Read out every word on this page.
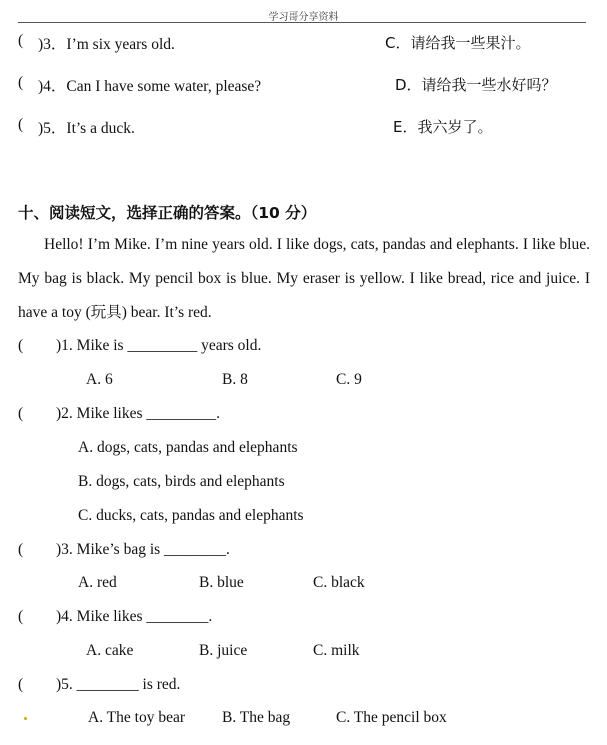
学习哥分享资料
( )3．I’m six years old.	C．请给我一些果汁。
( )4．Can I have some water, please?	D．请给我一些水好吗？
( )5．It’s a duck.	E．我六岁了。
十、阅读短文，选择正确的答案。（10 分）
Hello! I’m Mike. I’m nine years old. I like dogs, cats, pandas and elephants. I like blue. My bag is black. My pencil box is blue. My eraser is yellow. I like bread, rice and juice. I have a toy (玩具) bear. It’s red.
( )1. Mike is _________ years old.
A. 6	B. 8	C. 9
( )2. Mike likes _________.
A. dogs, cats, pandas and elephants
B. dogs, cats, birds and elephants
C. ducks, cats, pandas and elephants
( )3. Mike’s bag is ________.
A. red	B. blue	C. black
( )4. Mike likes ________.
A. cake	B. juice	C. milk
( )5. ________ is red.
A. The toy bear B. The bag	C. The pencil box
